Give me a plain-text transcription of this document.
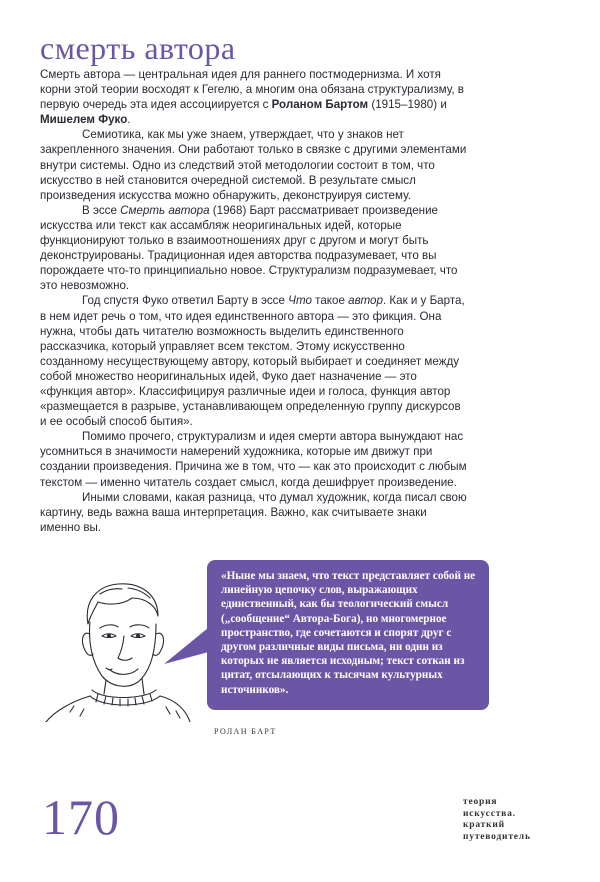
смерть автора

Смерть автора — центральная идея для раннего постмодернизма. И хотя корни этой теории восходят к Гегелю, а многим она обязана структурализму, в первую очередь эта идея ассоциируется с Роланом Бартом (1915–1980) и Мишелем Фуко.

Семиотика, как мы уже знаем, утверждает, что у знаков нет закрепленного значения. Они работают только в связке с другими элементами внутри системы. Одно из следствий этой методологии состоит в том, что искусство в ней становится очередной системой. В результате смысл произведения искусства можно обнаружить, деконструируя систему.

В эссе Смерть автора (1968) Барт рассматривает произведение искусства или текст как ассамбляж неоригинальных идей, которые функционируют только в взаимоотношениях друг с другом и могут быть деконструированы. Традиционная идея авторства подразумевает, что вы порождаете что-то принципиально новое. Структурализм подразумевает, что это невозможно.

Год спустя Фуко ответил Барту в эссе Что такое автор. Как и у Барта, в нем идет речь о том, что идея единственного автора — это фикция. Она нужна, чтобы дать читателю возможность выделить единственного рассказчика, который управляет всем текстом. Этому искусственно созданному несуществующему автору, который выбирает и соединяет между собой множество неоригинальных идей, Фуко дает назначение — это «функция автор». Классифицируя различные идеи и голоса, функция автор «размещается в разрыве, устанавливающем определенную группу дискурсов и ее особый способ бытия».

Помимо прочего, структурализм и идея смерти автора вынуждают нас усомниться в значимости намерений художника, которые им движут при создании произведения. Причина же в том, что — как это происходит с любым текстом — именно читатель создает смысл, когда дешифрует произведение.

Иными словами, какая разница, что думал художник, когда писал свою картину, ведь важна ваша интерпретация. Важно, как считываете знаки именно вы.

«Ныне мы знаем, что текст представляет собой не линейную цепочку слов, выражающих единственный, как бы теологический смысл („сообщение“ Автора-Бога), но многомерное пространство, где сочетаются и спорят друг с другом различные виды письма, ни один из которых не является исходным; текст соткан из цитат, отсылающих к тысячам культурных источников».

РОЛАН БАРТ
170	теория
искусства.
краткий
путеводитель
